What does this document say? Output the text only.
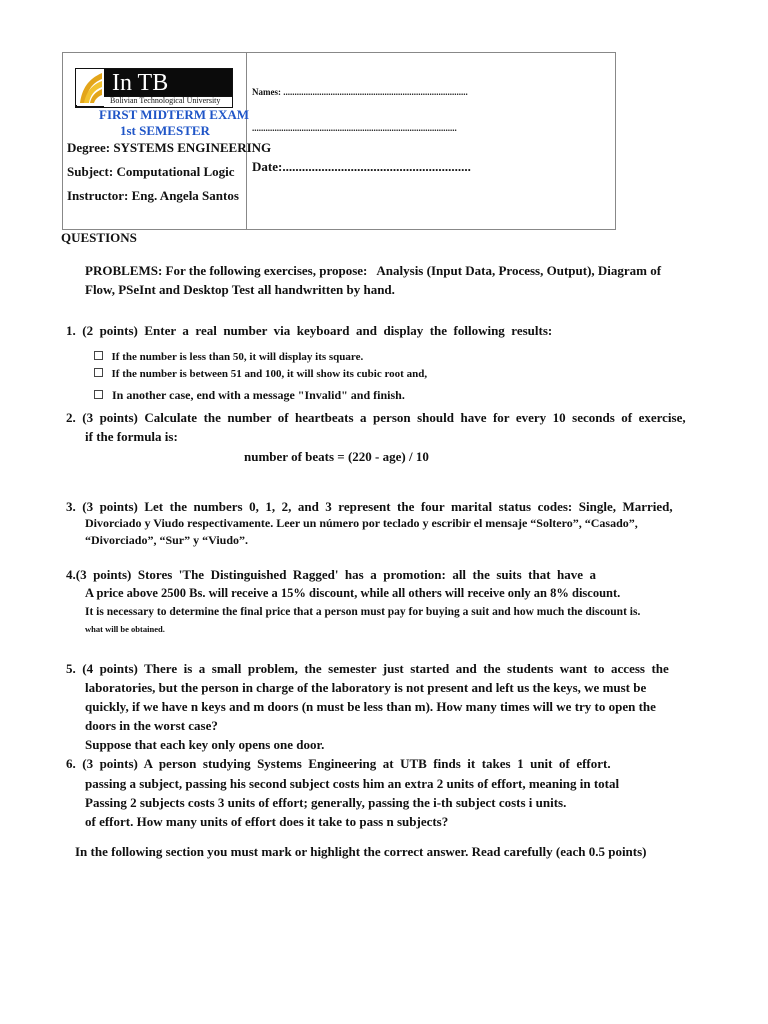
In TB
Bolivian Technological University
FIRST MIDTERM EXAM
1st SEMESTER
Degree: SYSTEMS ENGINEERING
Subject: Computational Logic
Instructor: Eng. Angela Santos
Names: ..................................................................................
...........................................................................................
Date:..........................................................
QUESTIONS
PROBLEMS: For the following exercises, propose:   Analysis (Input Data, Process, Output), Diagram of
Flow, PSeInt and Desktop Test all handwritten by hand.
1.  (2  points)  Enter  a  real  number  via  keyboard  and  display  the  following  results:

If the number is less than 50, it will display its square.

If the number is between 51 and 100, it will show its cubic root and,

In another case, end with a message "Invalid" and finish.

2.  (3  points)  Calculate  the  number  of  heartbeats  a  person  should  have  for  every  10  seconds  of  exercise,
if the formula is:
number of beats = (220 - age) / 10
3.  (3  points)  Let  the  numbers  0,  1,  2,  and  3  represent  the  four  marital  status  codes:  Single,  Married,
Divorciado y Viudo respectivamente. Leer un número por teclado y escribir el mensaje “Soltero”, “Casado”,
“Divorciado”, “Sur” y “Viudo”.
4.(3  points)  Stores  'The  Distinguished  Ragged'  has  a  promotion:  all  the  suits  that  have  a
A price above 2500 Bs. will receive a 15% discount, while all others will receive only an 8% discount.
It is necessary to determine the final price that a person must pay for buying a suit and how much the discount is.
what will be obtained.
5.  (4  points)  There  is  a  small  problem,  the  semester  just  started  and  the  students  want  to  access  the
laboratories, but the person in charge of the laboratory is not present and left us the keys, we must be
quickly, if we have n keys and m doors (n must be less than m). How many times will we try to open the
doors in the worst case?
Suppose that each key only opens one door.
6.  (3  points)  A  person  studying  Systems  Engineering  at  UTB  finds  it  takes  1  unit  of  effort.
passing a subject, passing his second subject costs him an extra 2 units of effort, meaning in total
Passing 2 subjects costs 3 units of effort; generally, passing the i-th subject costs i units.
of effort. How many units of effort does it take to pass n subjects?
In the following section you must mark or highlight the correct answer. Read carefully (each 0.5 points)
